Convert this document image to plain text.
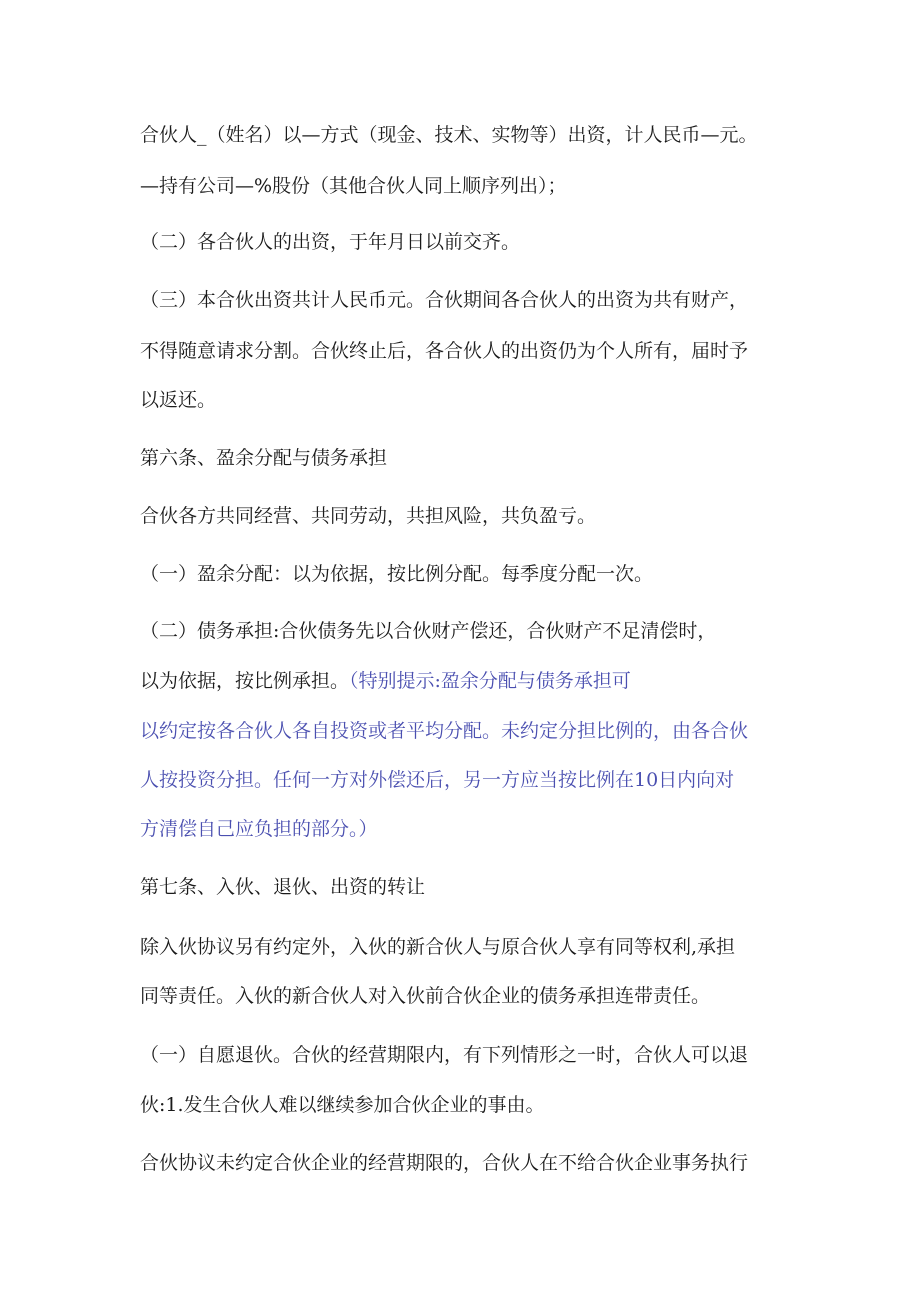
合伙人_（姓名）以—方式（现金、技术、实物等）出资，计人民币—元。
—持有公司—%股份（其他合伙人同上顺序列出）；
（二）各合伙人的出资，于年月日以前交齐。
（三）本合伙出资共计人民币元。合伙期间各合伙人的出资为共有财产，
不得随意请求分割。合伙终止后，各合伙人的出资仍为个人所有，届时予
以返还。
第六条、盈余分配与债务承担
合伙各方共同经营、共同劳动，共担风险，共负盈亏。
（一）盈余分配：以为依据，按比例分配。每季度分配一次。
（二）债务承担:合伙债务先以合伙财产偿还，合伙财产不足清偿时，
以为依据，按比例承担。（特别提示:盈余分配与债务承担可
以约定按各合伙人各自投资或者平均分配。未约定分担比例的，由各合伙
人按投资分担。任何一方对外偿还后，另一方应当按比例在10日内向对
方清偿自己应负担的部分。）
第七条、入伙、退伙、出资的转让
除入伙协议另有约定外，入伙的新合伙人与原合伙人享有同等权利,承担
同等责任。入伙的新合伙人对入伙前合伙企业的债务承担连带责任。
（一）自愿退伙。合伙的经营期限内，有下列情形之一时，合伙人可以退
伙:1.发生合伙人难以继续参加合伙企业的事由。
合伙协议未约定合伙企业的经营期限的，合伙人在不给合伙企业事务执行
